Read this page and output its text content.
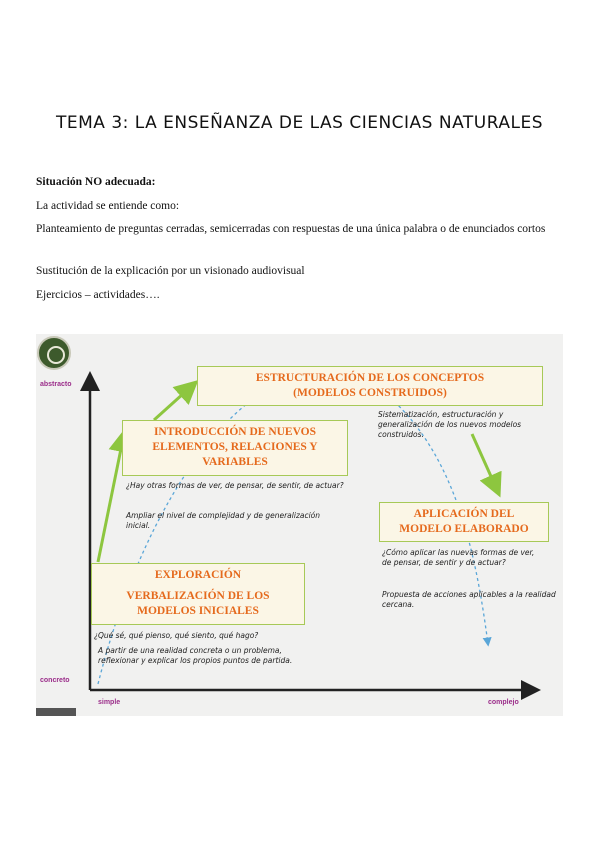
TEMA 3: LA ENSEÑANZA DE LAS CIENCIAS NATURALES
Situación NO adecuada:
La actividad se entiende como:
Planteamiento de preguntas cerradas, semicerradas con respuestas de una única palabra o de enunciados cortos
Sustitución de la explicación por un visionado audiovisual
Ejercicios – actividades….
abstracto
concreto
simple	complejo
ESTRUCTURACIÓN DE LOS CONCEPTOS
(MODELOS CONSTRUIDOS)
INTRODUCCIÓN DE NUEVOS
ELEMENTOS, RELACIONES Y
VARIABLES
EXPLORACIÓN
VERBALIZACIÓN DE LOS
MODELOS INICIALES
APLICACIÓN DEL
MODELO ELABORADO
Sistematización, estructuración y generalización de los nuevos modelos construidos.
¿Hay otras formas de ver, de pensar, de sentir, de actuar?
Ampliar el nivel de complejidad y de generalización inicial.
¿Qué sé, qué pienso, qué siento, qué hago?
A partir de una realidad concreta o un problema, reflexionar y explicar los propios puntos de partida.
¿Cómo aplicar las nuevas formas de ver, de pensar, de sentir y de actuar?
Propuesta de acciones aplicables a la realidad cercana.
